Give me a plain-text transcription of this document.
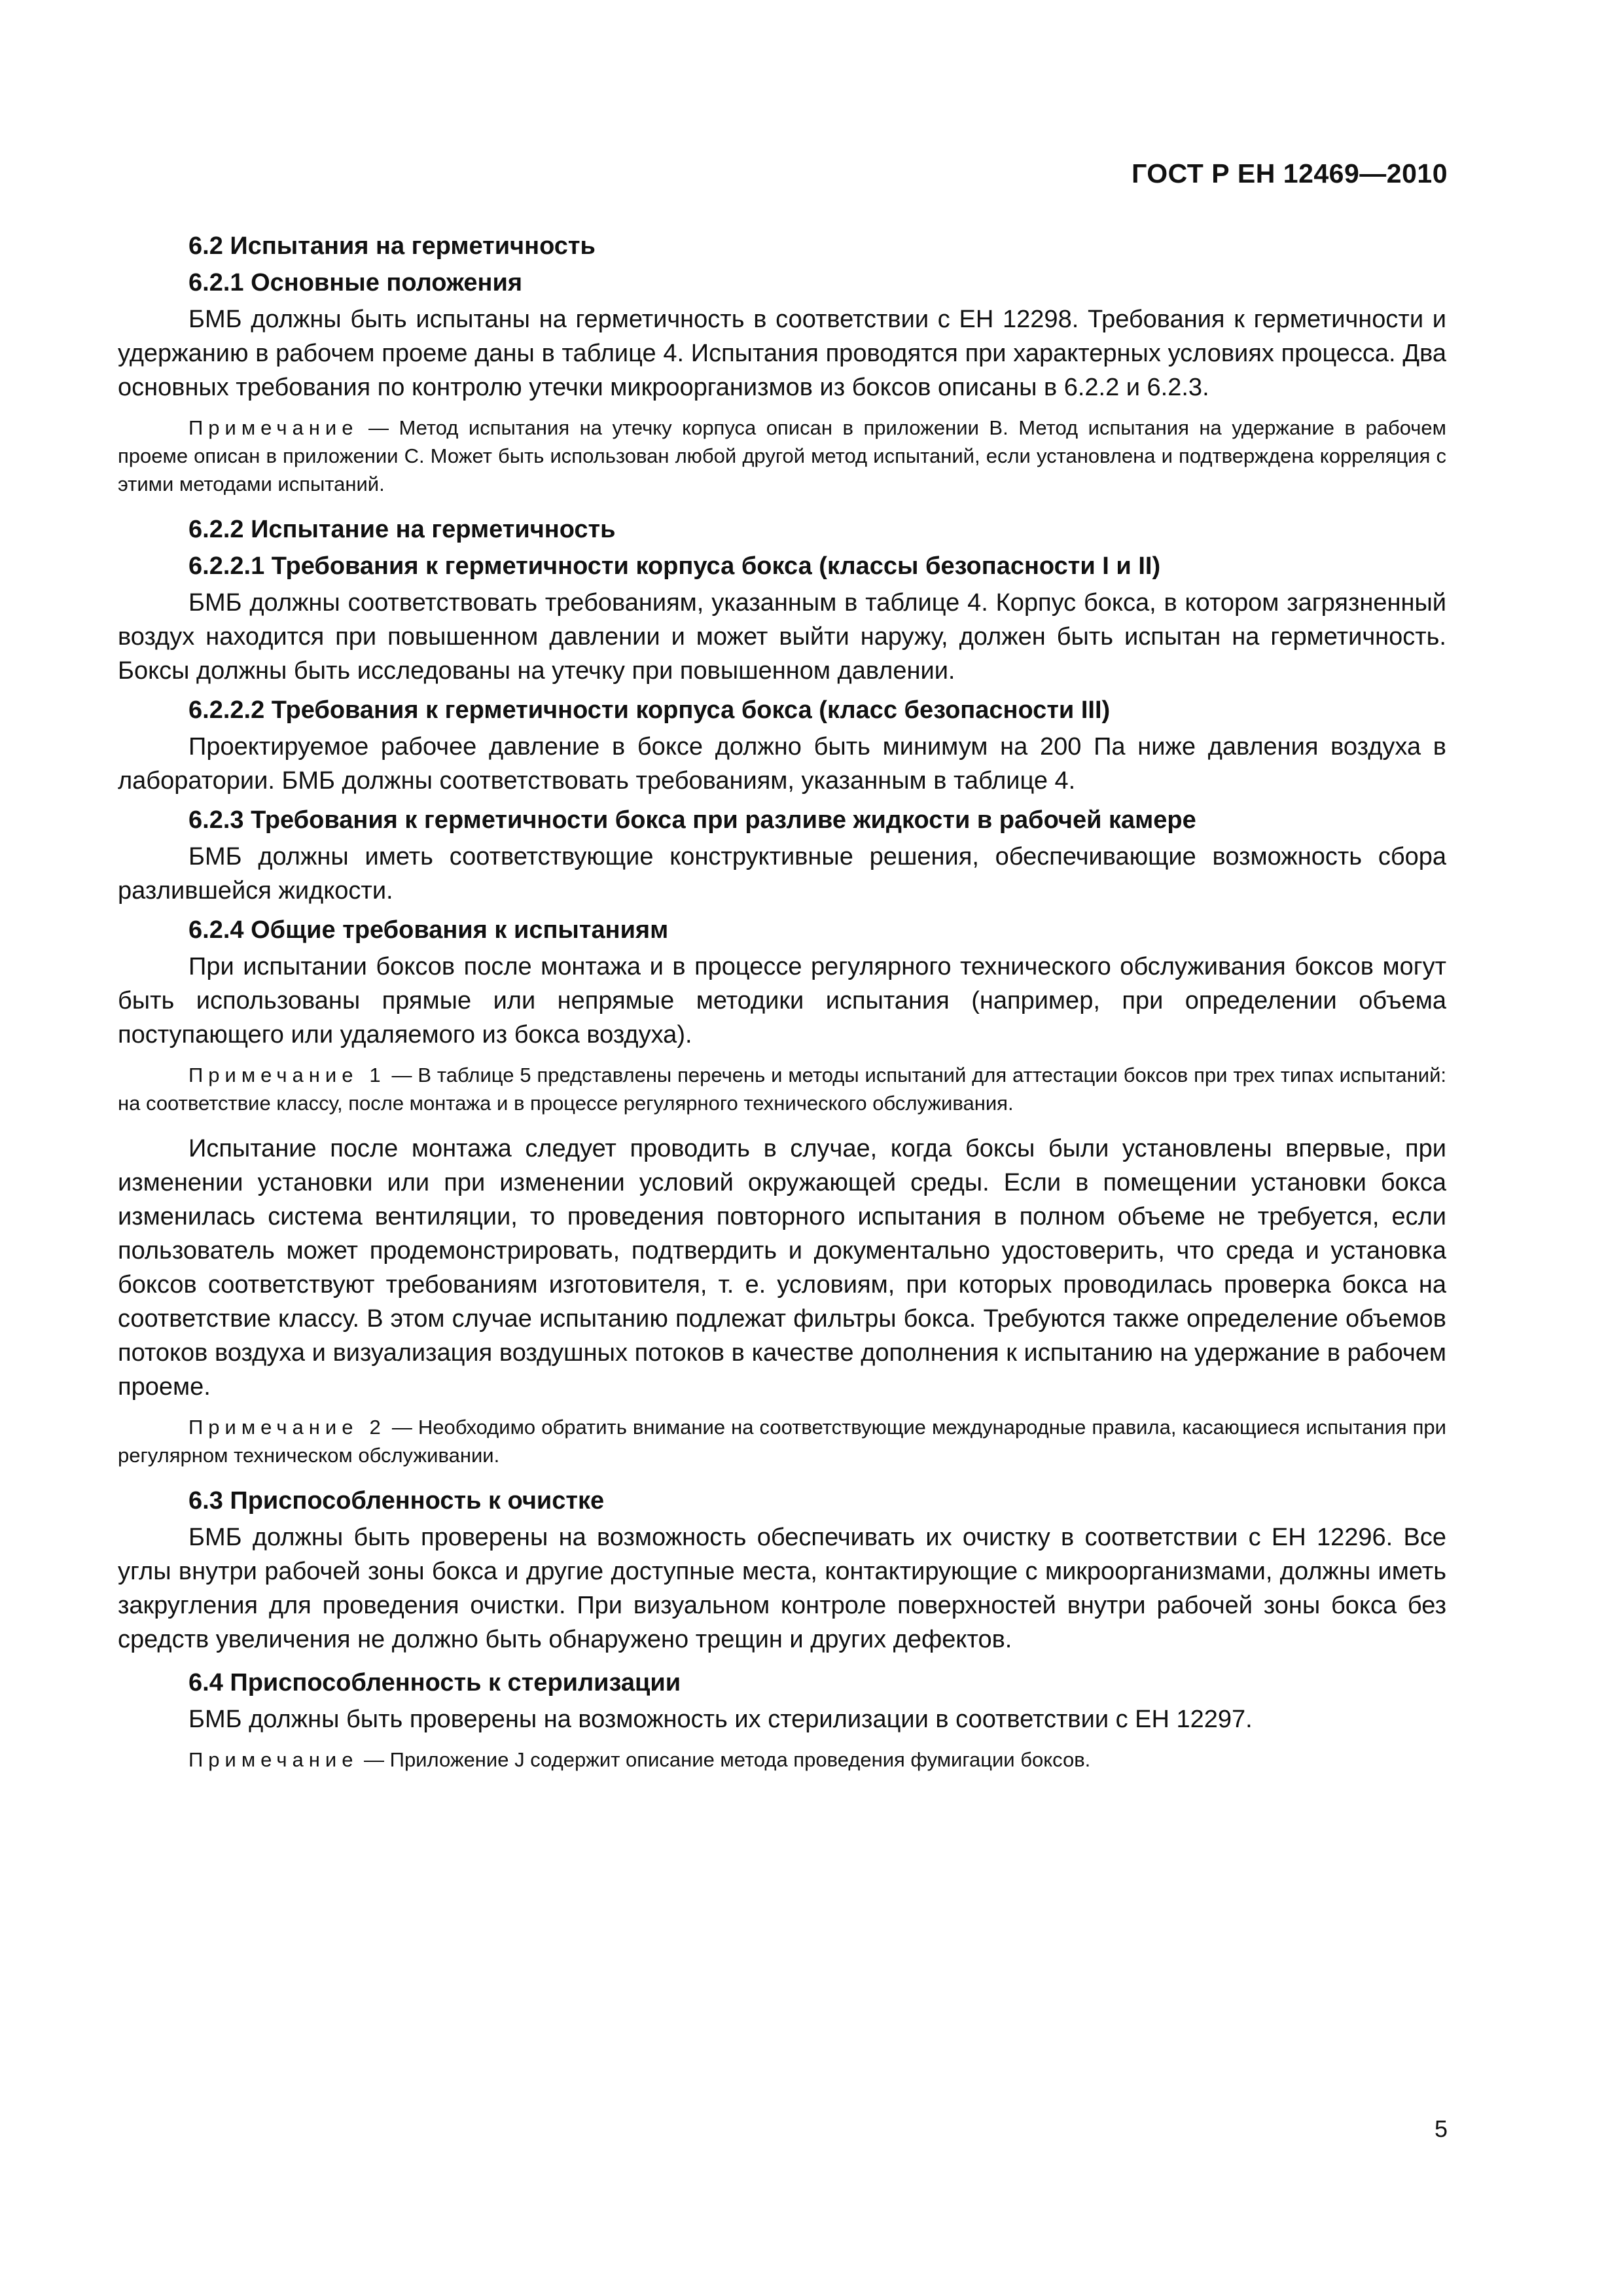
ГОСТ Р ЕН 12469—2010
6.2 Испытания на герметичность
6.2.1 Основные положения
БМБ должны быть испытаны на герметичность в соответствии с ЕН 12298. Требования к герметичности и удержанию в рабочем проеме даны в таблице 4. Испытания проводятся при характерных условиях процесса. Два основных требования по контролю утечки микроорганизмов из боксов описаны в 6.2.2 и 6.2.3.
Примечание — Метод испытания на утечку корпуса описан в приложении В. Метод испытания на удержание в рабочем проеме описан в приложении С. Может быть использован любой другой метод испытаний, если установлена и подтверждена корреляция с этими методами испытаний.
6.2.2 Испытание на герметичность
6.2.2.1 Требования к герметичности корпуса бокса (классы безопасности I и II)
БМБ должны соответствовать требованиям, указанным в таблице 4. Корпус бокса, в котором загрязненный воздух находится при повышенном давлении и может выйти наружу, должен быть испытан на герметичность. Боксы должны быть исследованы на утечку при повышенном давлении.
6.2.2.2 Требования к герметичности корпуса бокса (класс безопасности III)
Проектируемое рабочее давление в боксе должно быть минимум на 200 Па ниже давления воздуха в лаборатории. БМБ должны соответствовать требованиям, указанным в таблице 4.
6.2.3 Требования к герметичности бокса при разливе жидкости в рабочей камере
БМБ должны иметь соответствующие конструктивные решения, обеспечивающие возможность сбора разлившейся жидкости.
6.2.4 Общие требования к испытаниям
При испытании боксов после монтажа и в процессе регулярного технического обслуживания боксов могут быть использованы прямые или непрямые методики испытания (например, при определении объема поступающего или удаляемого из бокса воздуха).
Примечание 1 — В таблице 5 представлены перечень и методы испытаний для аттестации боксов при трех типах испытаний: на соответствие классу, после монтажа и в процессе регулярного технического обслуживания.
Испытание после монтажа следует проводить в случае, когда боксы были установлены впервые, при изменении установки или при изменении условий окружающей среды. Если в помещении установки бокса изменилась система вентиляции, то проведения повторного испытания в полном объеме не требуется, если пользователь может продемонстрировать, подтвердить и документально удостоверить, что среда и установка боксов соответствуют требованиям изготовителя, т. е. условиям, при которых проводилась проверка бокса на соответствие классу. В этом случае испытанию подлежат фильтры бокса. Требуются также определение объемов потоков воздуха и визуализация воздушных потоков в качестве дополнения к испытанию на удержание в рабочем проеме.
Примечание 2 — Необходимо обратить внимание на соответствующие международные правила, касающиеся испытания при регулярном техническом обслуживании.
6.3 Приспособленность к очистке
БМБ должны быть проверены на возможность обеспечивать их очистку в соответствии с ЕН 12296. Все углы внутри рабочей зоны бокса и другие доступные места, контактирующие с микроорганизмами, должны иметь закругления для проведения очистки. При визуальном контроле поверхностей внутри рабочей зоны бокса без средств увеличения не должно быть обнаружено трещин и других дефектов.
6.4 Приспособленность к стерилизации
БМБ должны быть проверены на возможность их стерилизации в соответствии с ЕН 12297.
Примечание — Приложение J содержит описание метода проведения фумигации боксов.
5
